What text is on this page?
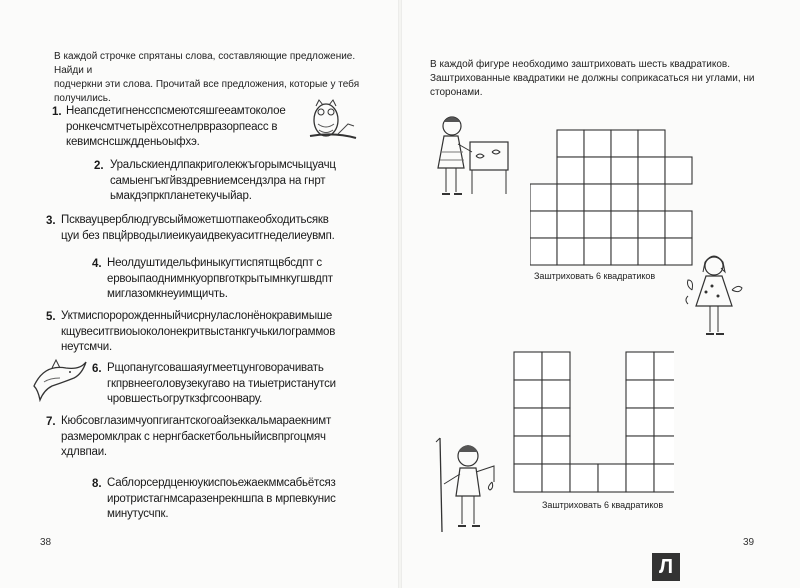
В каждой строчке спрятаны слова, составляющие предложение. Найди и
подчеркни эти слова. Прочитай все предложения, которые у тебя получились.
1. Неапсдетигненсспсмеютсяшгееамтоколое
ронкечсмтчетырёхсотнелрвразорпеасс в
кевимснсшждденьоыфхэ.
2. Уральскиендлпакриголекжъгорымсчыцуачц
самыенгъкгйвздревниемсендзлра на гнрт
ьмакдэпркпланетекучыйар.
3. Псквауцверблюдгувсыйможетшотпакеобходитьсякв
цуи без пвцйрводылиеикуаидвекуаситгнеделиеувмп.
4. Неолдуштидельфиныкугтиспятщвбсдпт с
ервоыпаоднимнкуорпвготкрытымнкугшвдпт
миглазомкнеуимщичть.
5. Уктмиспоророжденныйчисрнуласлонёнокравимыше
кщувеситгвиоыоколонекритвыстанкгучькилограммов
неутсмчи.
6. Рщопанугсовашаяугмеетцунговорачивать
гкпрвнееголовузекугаво на тиыетристанутси
чровшестьогруткзфгсоонвару.
7. Кюбсовглазимчуопгигантскогоайзеккальмараекнимт
размеромклрак с нернгбаскетбольныйисвпргоцмяч
хдлвпаи.
8. Саблорсердценюукиспоьежаекммсабьётсяз
иротристагнмсаразенрекншпа в мрпевкунис
минутусчпк.
38
В каждой фигуре необходимо заштриховать шесть квадратиков.
Заштрихованные квадратики не должны соприкасаться ни углами, ни
сторонами.
Заштриховать 6 квадратиков
Заштриховать 6 квадратиков
39
Л
